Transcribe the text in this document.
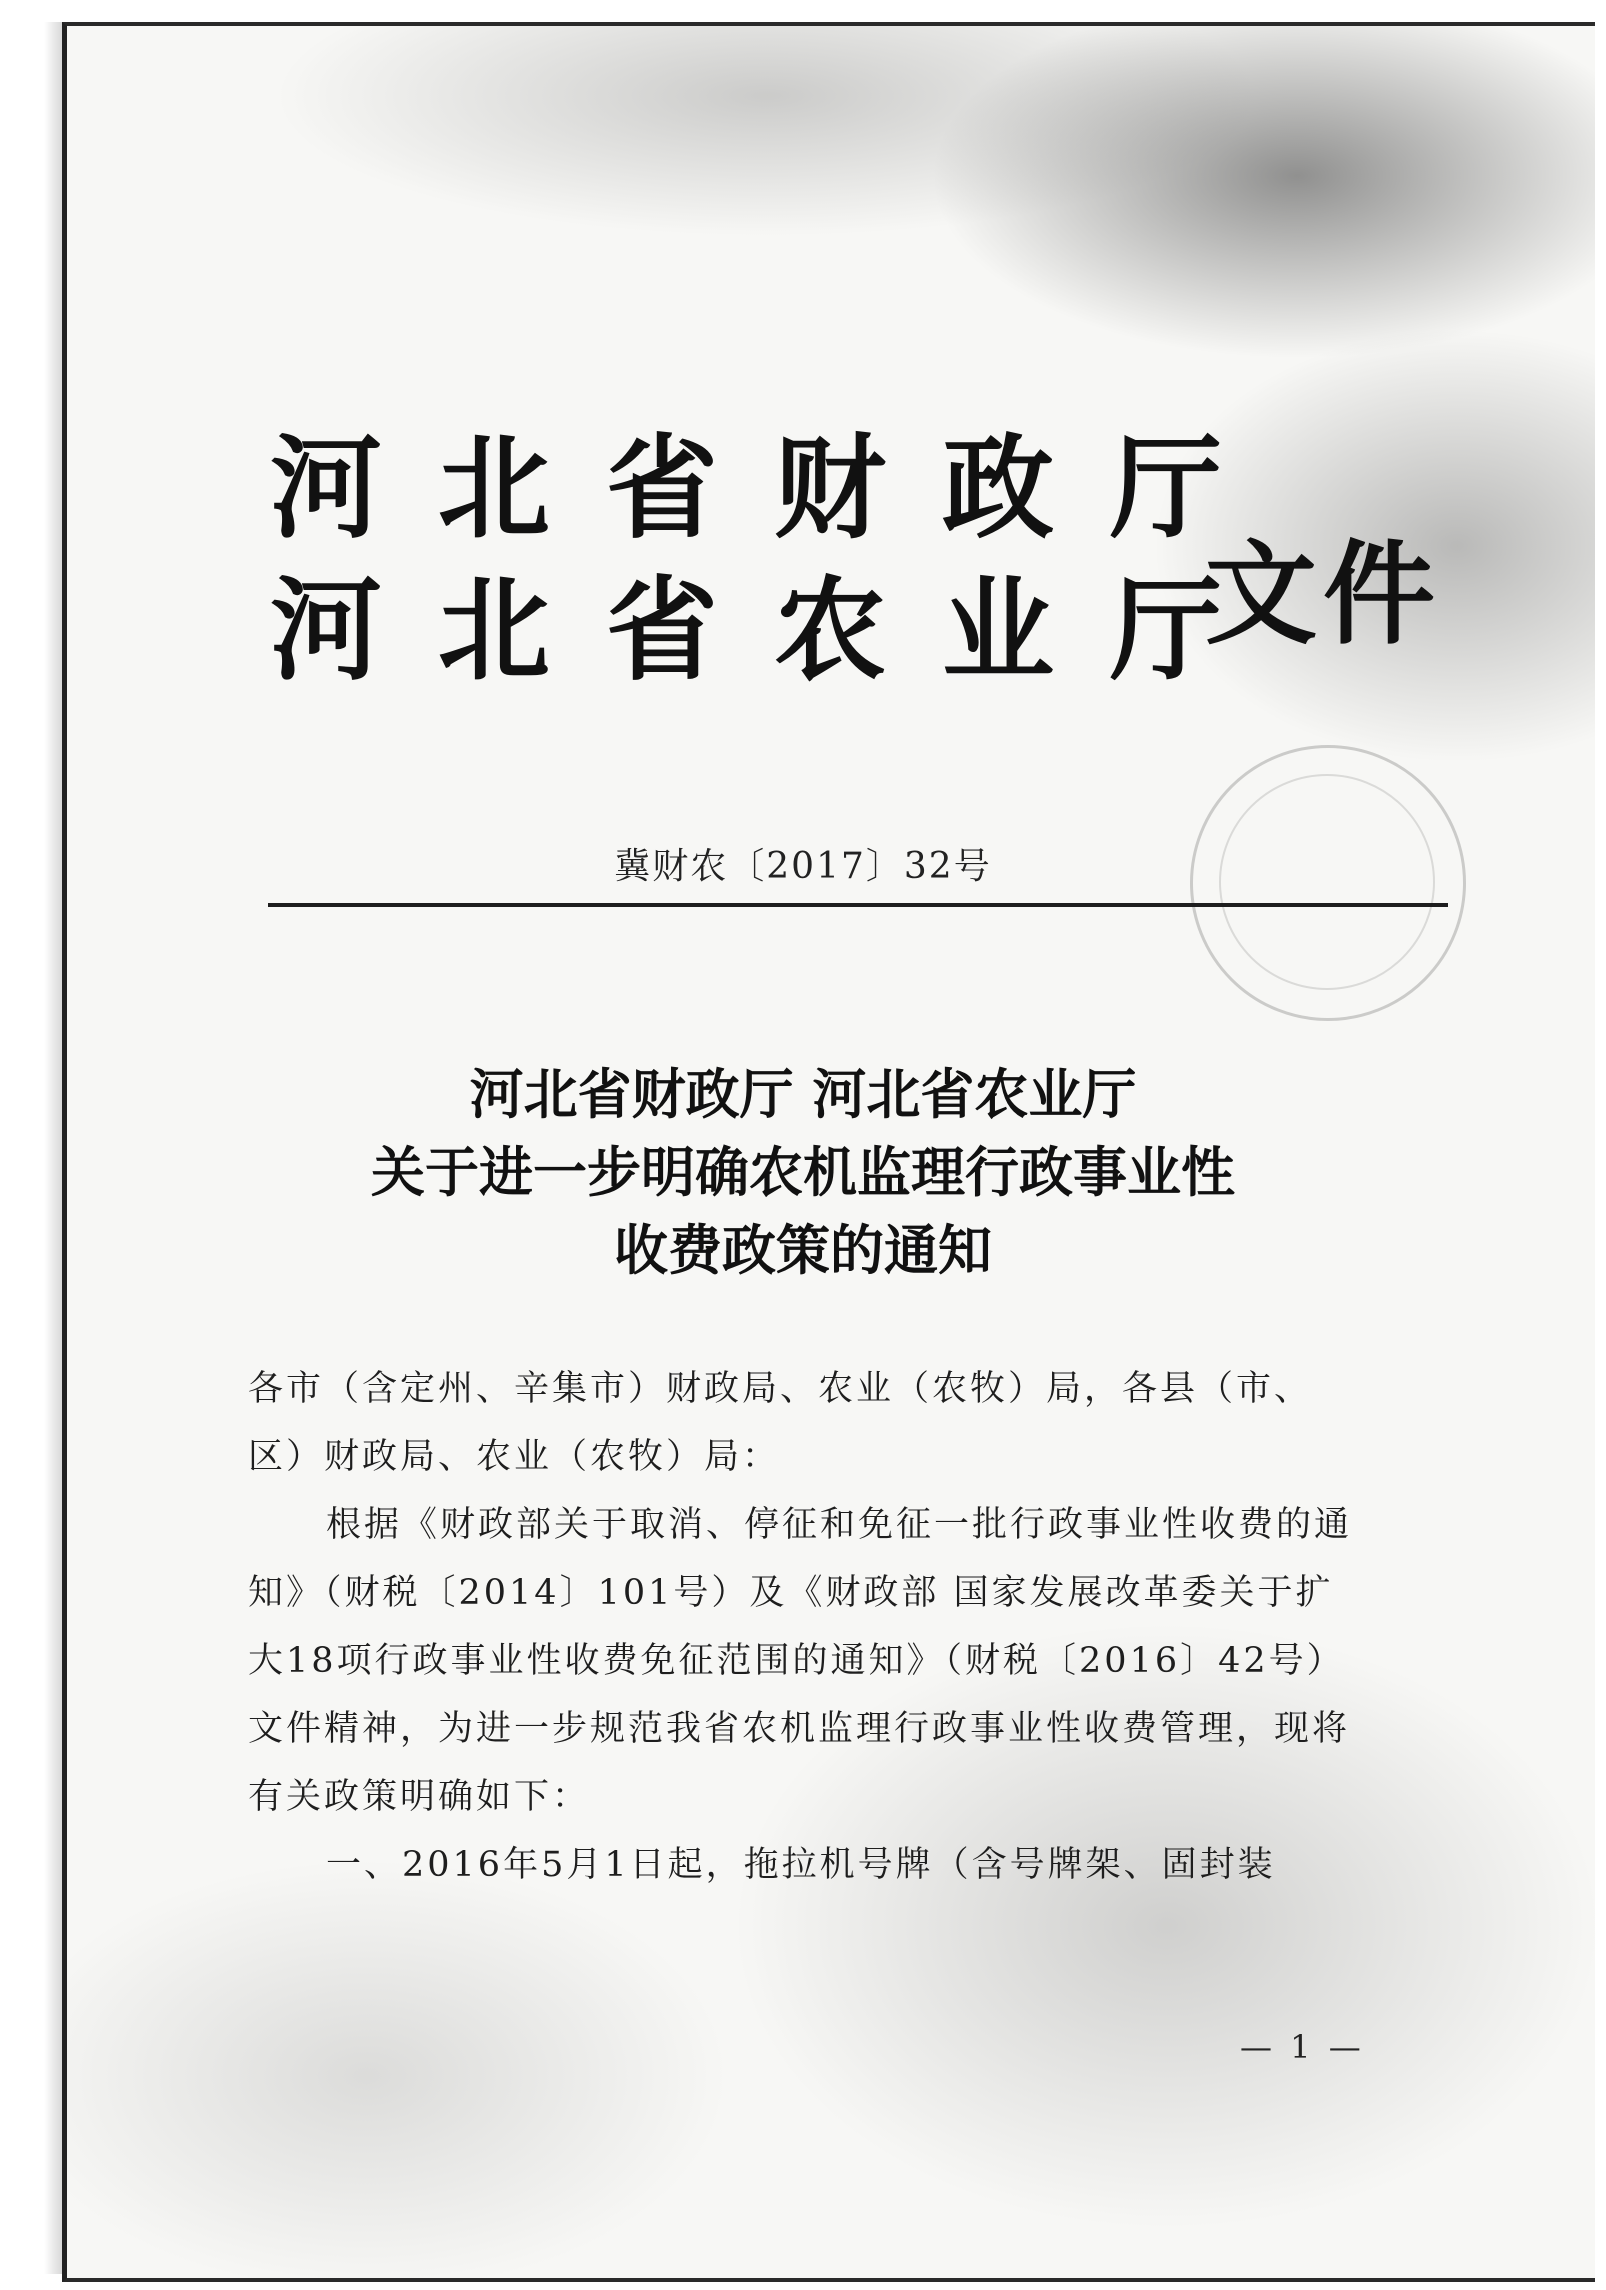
河北省财政厅
河北省农业厅
文件
冀财农〔2017〕32号
河北省财政厅 河北省农业厅
关于进一步明确农机监理行政事业性
收费政策的通知

各市（含定州、辛集市）财政局、农业（农牧）局，各县（市、区）财政局、农业（农牧）局：

根据《财政部关于取消、停征和免征一批行政事业性收费的通知》（财税〔2014〕101号）及《财政部 国家发展改革委关于扩大18项行政事业性收费免征范围的通知》（财税〔2016〕42号）文件精神，为进一步规范我省农机监理行政事业性收费管理，现将有关政策明确如下：

一、2016年5月1日起，拖拉机号牌（含号牌架、固封装

— 1 —
